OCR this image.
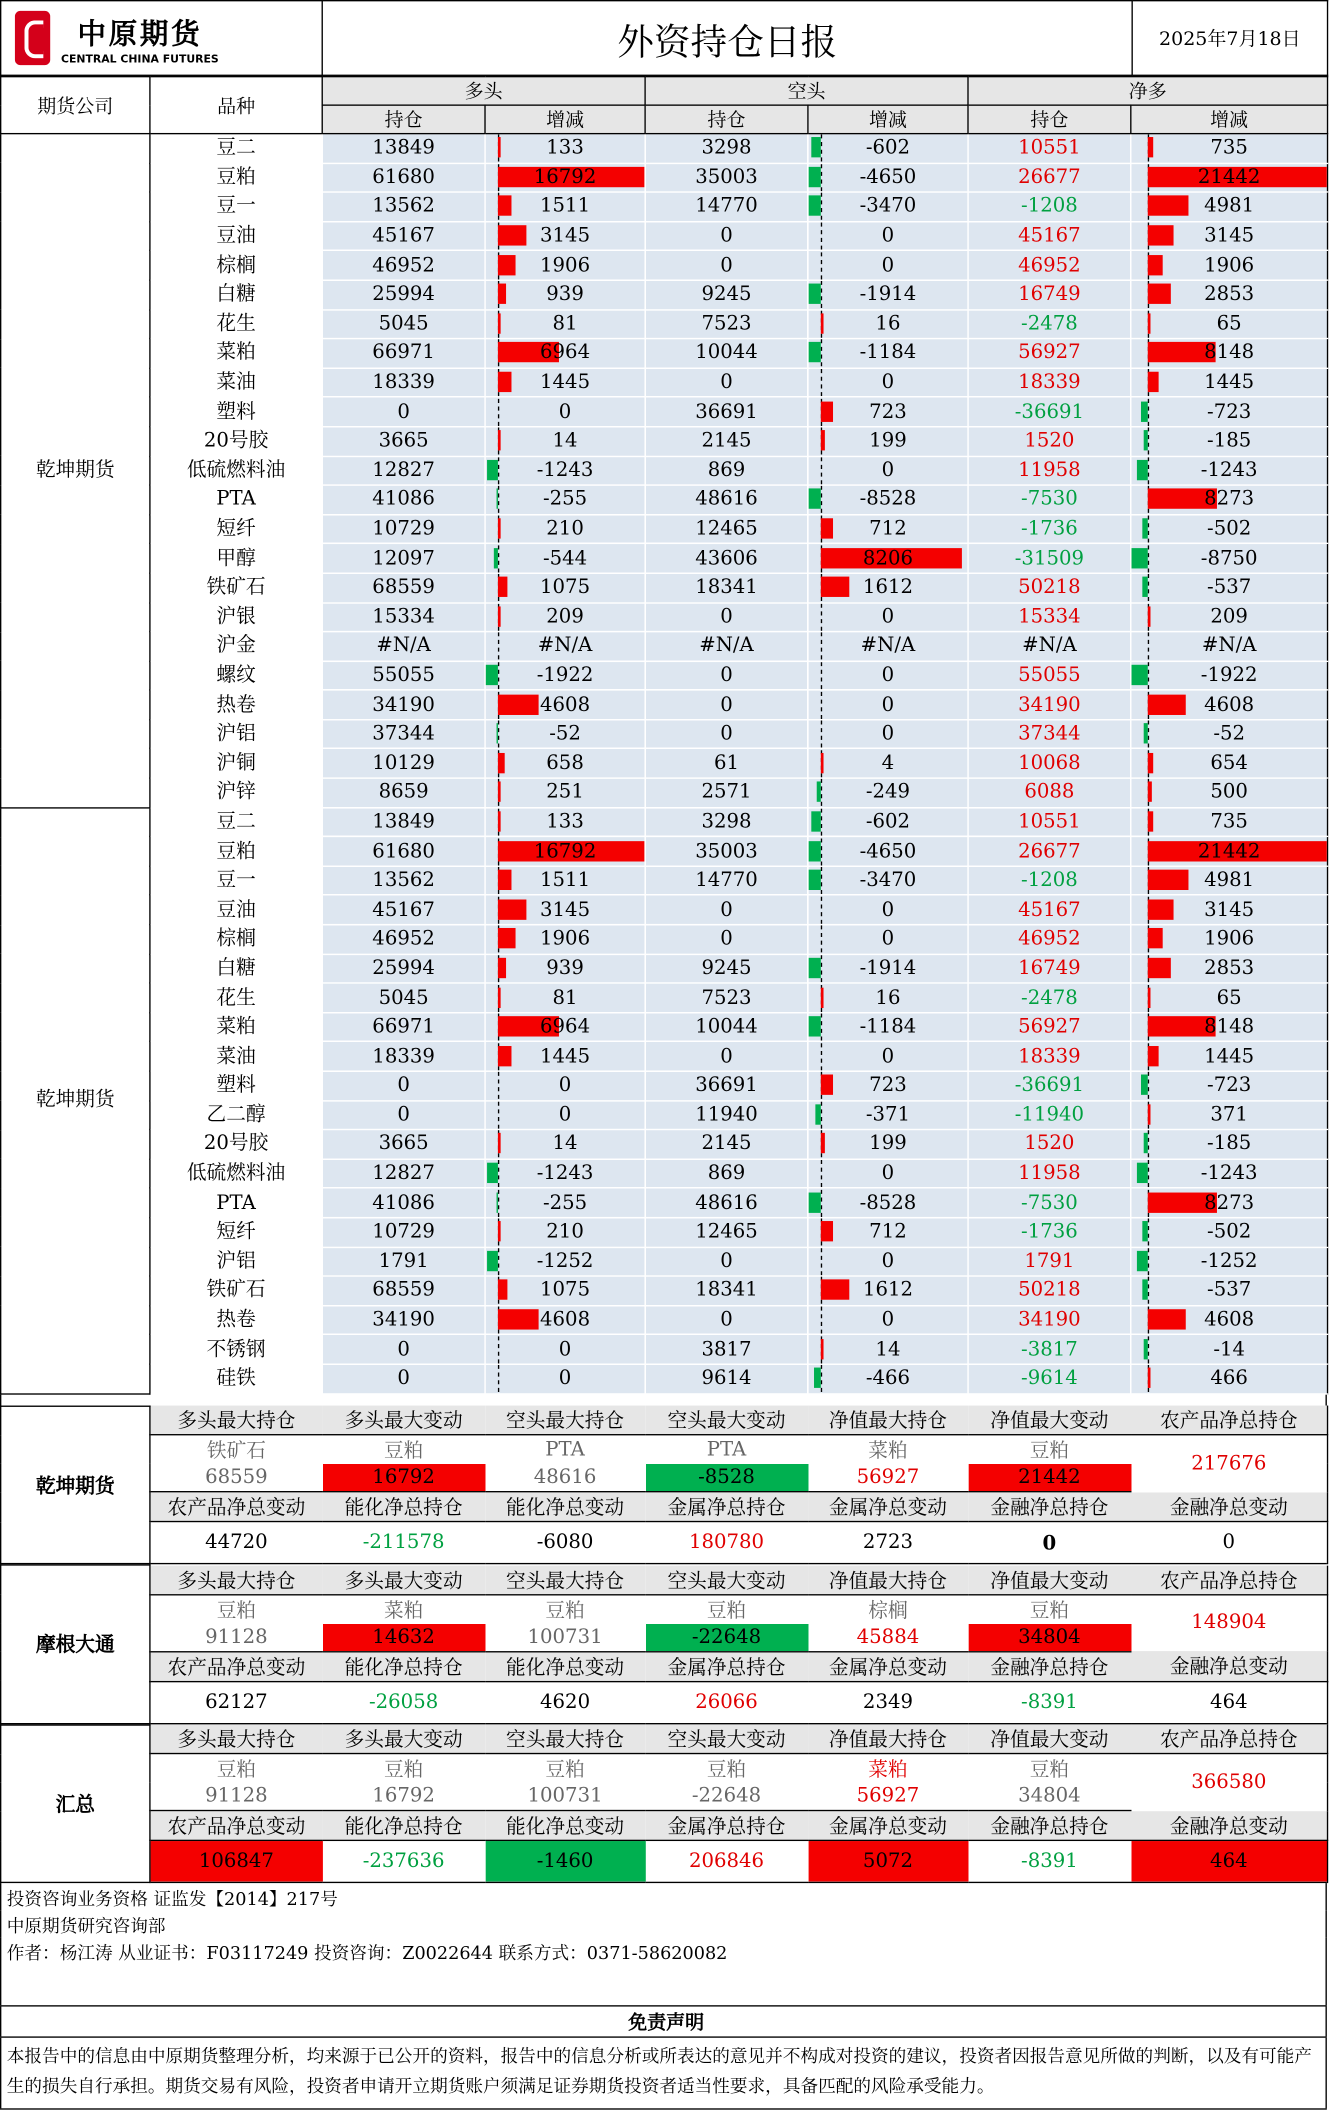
中原期货
CENTRAL CHINA FUTURES	外资持仓日报	2025年7月18日
期货公司	品种	多头		空头		净多	
		持仓	增减	持仓	增减	持仓	增减
乾坤期货	豆二	13849	133	3298	-602	10551	735

	豆粕	61680	16792	35003	-4650	26677	21442

	豆一	13562	1511	14770	-3470	-1208	4981

	豆油	45167	3145	0	0	45167	3145

	棕榈	46952	1906	0	0	46952	1906

	白糖	25994	939	9245	-1914	16749	2853

	花生	5045	81	7523	16	-2478	65

	菜粕	66971	6964	10044	-1184	56927	8148

	菜油	18339	1445	0	0	18339	1445

	塑料	0	0	36691	723	-36691	-723

	20号胶	3665	14	2145	199	1520	-185

	低硫燃料油	12827	-1243	869	0	11958	-1243

	PTA	41086	-255	48616	-8528	-7530	8273

	短纤	10729	210	12465	712	-1736	-502

	甲醇	12097	-544	43606	8206	-31509	-8750

	铁矿石	68559	1075	18341	1612	50218	-537

	沪银	15334	209	0	0	15334	209

	沪金	#N/A	#N/A	#N/A	#N/A	#N/A	#N/A

	螺纹	55055	-1922	0	0	55055	-1922

	热卷	34190	4608	0	0	34190	4608

	沪铝	37344	-52	0	0	37344	-52

	沪铜	10129	658	61	4	10068	654

	沪锌	8659	251	2571	-249	6088	500

乾坤期货	豆二	13849	133	3298	-602	10551	735

	豆粕	61680	16792	35003	-4650	26677	21442

	豆一	13562	1511	14770	-3470	-1208	4981

	豆油	45167	3145	0	0	45167	3145

	棕榈	46952	1906	0	0	46952	1906

	白糖	25994	939	9245	-1914	16749	2853

	花生	5045	81	7523	16	-2478	65

	菜粕	66971	6964	10044	-1184	56927	8148

	菜油	18339	1445	0	0	18339	1445

	塑料	0	0	36691	723	-36691	-723

	乙二醇	0	0	11940	-371	-11940	371

	20号胶	3665	14	2145	199	1520	-185

	低硫燃料油	12827	-1243	869	0	11958	-1243

	PTA	41086	-255	48616	-8528	-7530	8273

	短纤	10729	210	12465	712	-1736	-502

	沪铝	1791	-1252	0	0	1791	-1252

	铁矿石	68559	1075	18341	1612	50218	-537

	热卷	34190	4608	0	0	34190	4608

	不锈钢	0	0	3817	14	-3817	-14

	硅铁	0	0	9614	-466	-9614	466
乾坤期货	多头最大持仓	多头最大变动	空头最大持仓	空头最大变动	净值最大持仓	净值最大变动	农产品净总持仓
	铁矿石	豆粕	PTA	PTA	菜粕	豆粕	217676
	68559	16792	48616	-8528	56927	21442	
	农产品净总变动	能化净总持仓	能化净总变动	金属净总持仓	金属净总变动	金融净总持仓	金融净总变动
	44720	-211578	-6080	180780	2723	0	0

摩根大通	多头最大持仓	多头最大变动	空头最大持仓	空头最大变动	净值最大持仓	净值最大变动	农产品净总持仓
	豆粕	菜粕	豆粕	豆粕	棕榈	豆粕	148904
	91128	14632	100731	-22648	45884	34804	
	农产品净总变动	能化净总持仓	能化净总变动	金属净总持仓	金属净总变动	金融净总持仓	金融净总变动
	62127	-26058	4620	26066	2349	-8391	464

汇总	多头最大持仓	多头最大变动	空头最大持仓	空头最大变动	净值最大持仓	净值最大变动	农产品净总持仓
	豆粕	豆粕	豆粕	豆粕	菜粕	豆粕	366580
	91128	16792	100731	-22648	56927	34804	
	农产品净总变动	能化净总持仓	能化净总变动	金属净总持仓	金属净总变动	金融净总持仓	金融净总变动
	106847	-237636	-1460	206846	5072	-8391	464

投资咨询业务资格 证监发【2014】217号
中原期货研究咨询部
作者：杨江涛 从业证书：F03117249 投资咨询：Z0022644 联系方式：0371-58620082

免责声明
本报告中的信息由中原期货整理分析，均来源于已公开的资料，报告中的信息分析或所表达的意见并不构成对投资的建议，投资者因报告意见所做的判断，以及有可能产生的损失自行承担。期货交易有风险，投资者申请开立期货账户须满足证券期货投资者适当性要求，具备匹配的风险承受能力。
